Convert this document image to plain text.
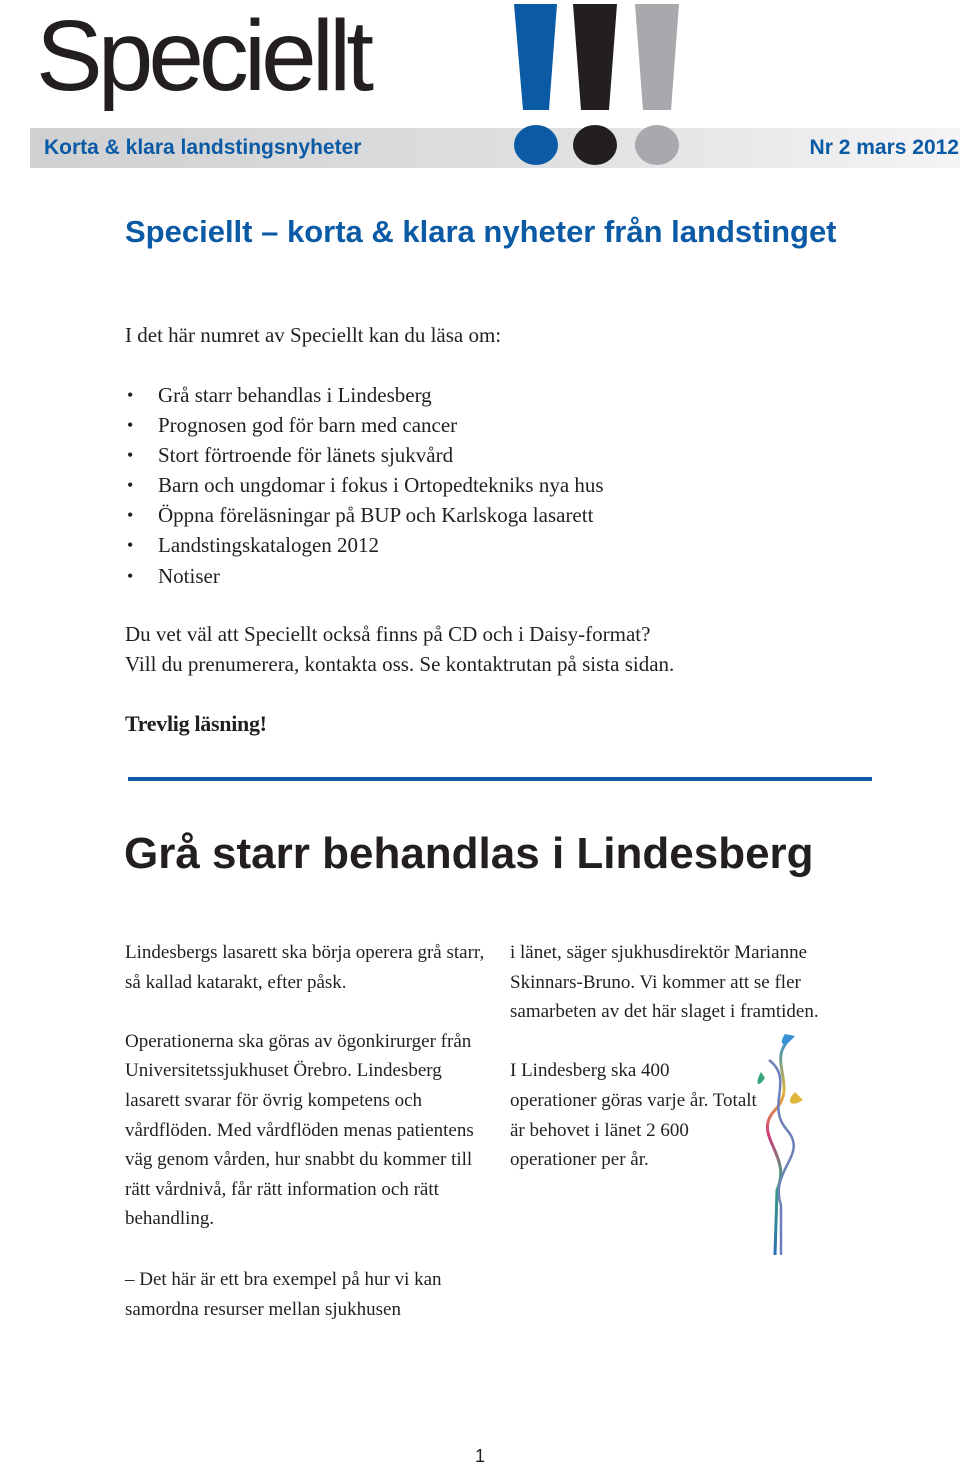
Speciellt
Korta & klara landstingsnyheter	Nr 2 mars 2012
Speciellt – korta & klara nyheter från landstinget
I det här numret av Speciellt kan du läsa om:
• Grå starr behandlas i Lindesberg
• Prognosen god för barn med cancer
• Stort förtroende för länets sjukvård
• Barn och ungdomar i fokus i Ortopedtekniks nya hus
• Öppna föreläsningar på BUP och Karlskoga lasarett
• Landstingskatalogen 2012
• Notiser
Du vet väl att Speciellt också finns på CD och i Daisy-format?
Vill du prenumerera, kontakta oss. Se kontaktrutan på sista sidan.
Trevlig läsning!
Grå starr behandlas i Lindesberg

Lindesbergs lasarett ska börja operera grå starr, så kallad katarakt, efter påsk.

Operationerna ska göras av ögonkirurger från Universitetssjukhuset Örebro. Lindesberg lasarett svarar för övrig kompetens och vårdflöden. Med vårdflöden menas patientens väg genom vården, hur snabbt du kommer till rätt vårdnivå, får rätt information och rätt behandling.

– Det här är ett bra exempel på hur vi kan samordna resurser mellan sjukhusen

i länet, säger sjukhusdirektör Marianne Skinnars-Bruno. Vi kommer att se fler samarbeten av det här slaget i framtiden.

I Lindesberg ska 400 operationer göras varje år. Totalt är behovet i länet 2 600 operationer per år.

1
